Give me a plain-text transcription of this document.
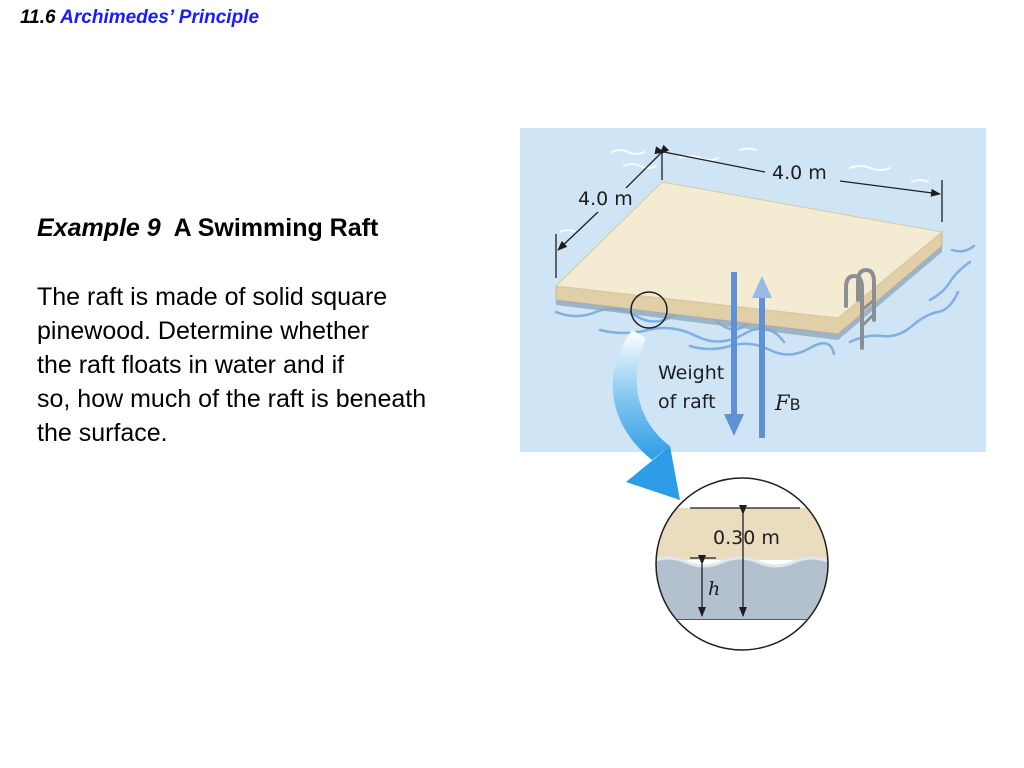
11.6 Archimedes’ Principle
Example 9 A Swimming Raft
The raft is made of solid square
pinewood. Determine whether
the raft floats in water and if
so, how much of the raft is beneath
the surface.
4.0 m
4.0 m
Weight
of raft	FB
0.30 m
h
